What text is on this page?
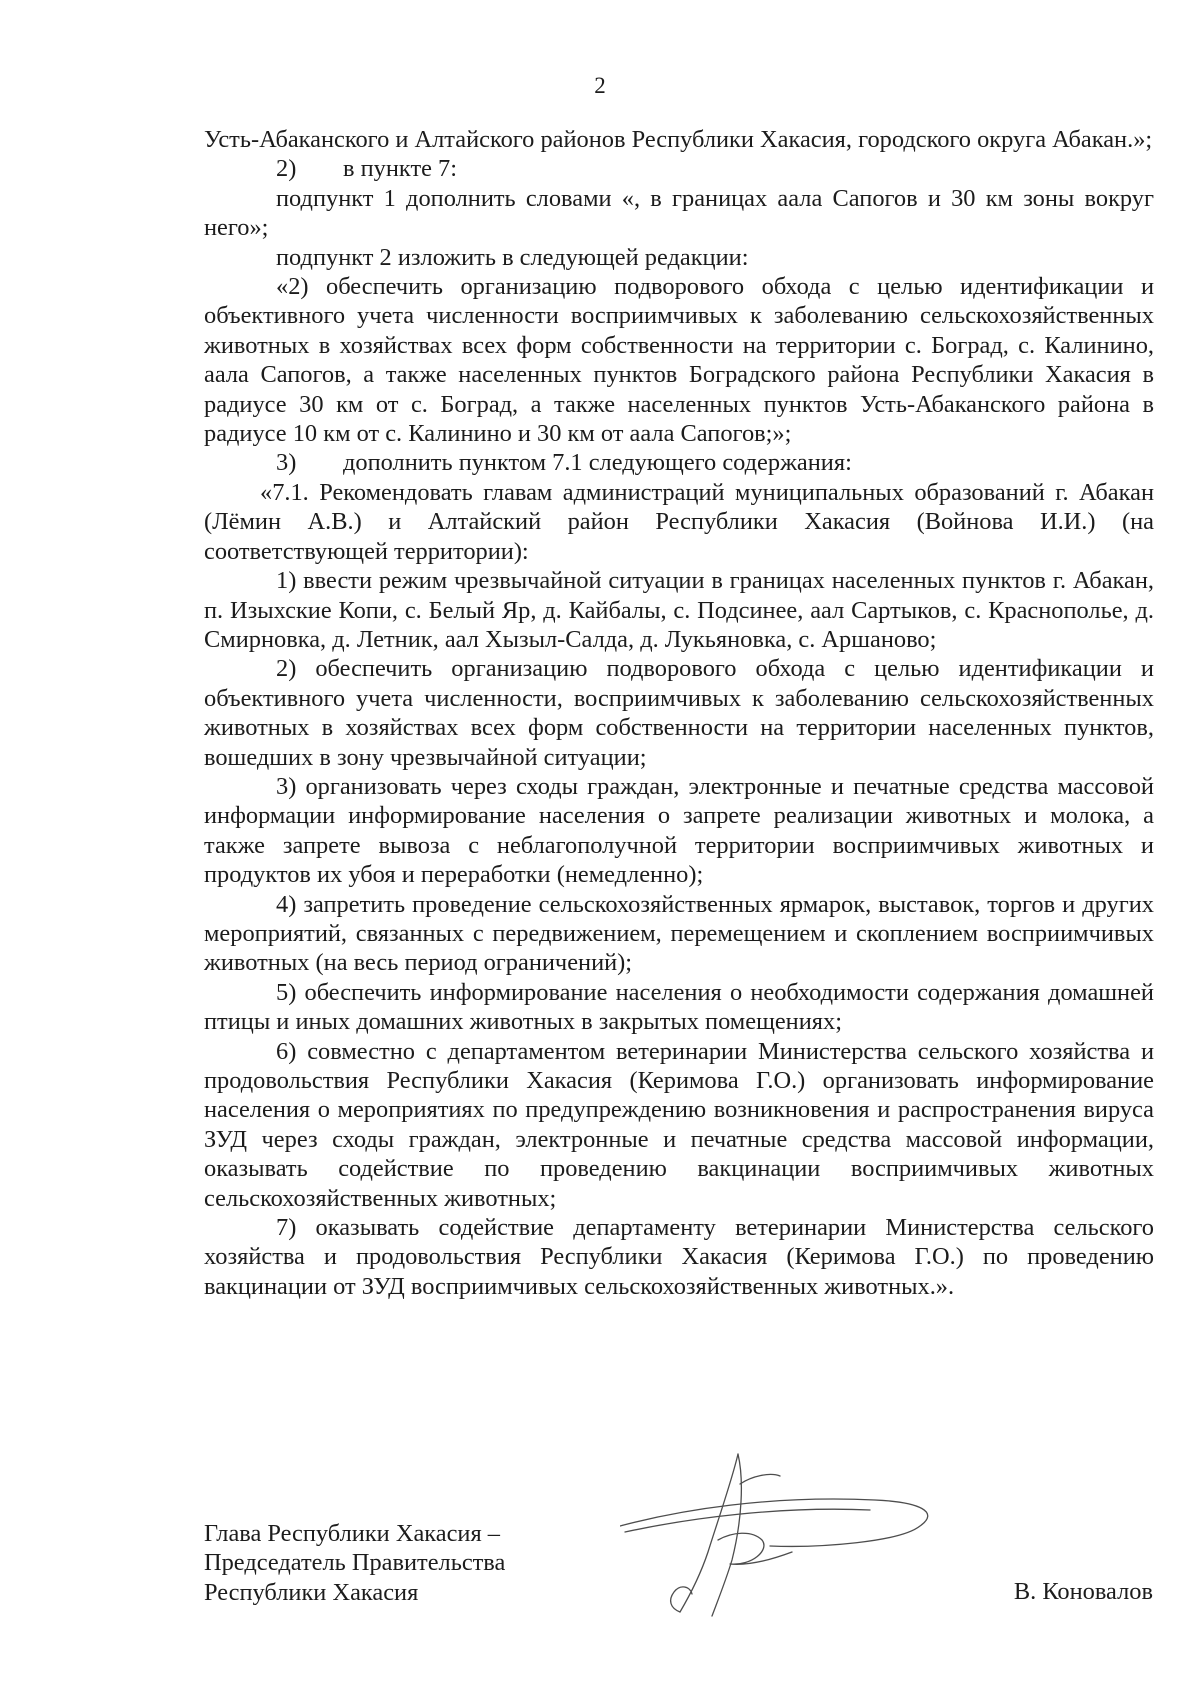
2

Усть-Абаканского и Алтайского районов Республики Хакасия, городского округа Абакан.»;

2) в пункте 7:

подпункт 1 дополнить словами «, в границах аала Сапогов и 30 км зоны вокруг него»;

подпункт 2 изложить в следующей редакции:

«2) обеспечить организацию подворового обхода с целью идентификации и объективного учета численности восприимчивых к заболеванию сельскохозяйственных животных в хозяйствах всех форм собственности на территории с. Боград, с. Калинино, аала Сапогов, а также населенных пунктов Боградского района Республики Хакасия в радиусе 30 км от с. Боград, а также населенных пунктов Усть-Абаканского района в радиусе 10 км от с. Калинино и 30 км от аала Сапогов;»;

3) дополнить пунктом 7.1 следующего содержания:

«7.1. Рекомендовать главам администраций муниципальных образований г. Абакан (Лёмин А.В.) и Алтайский район Республики Хакасия (Войнова И.И.) (на соответствующей территории):

1) ввести режим чрезвычайной ситуации в границах населенных пунктов г. Абакан, п. Изыхские Копи, с. Белый Яр, д. Кайбалы, с. Подсинее, аал Сартыков, с. Краснополье, д. Смирновка, д. Летник, аал Хызыл-Салда, д. Лукьяновка, с. Аршаново;

2) обеспечить организацию подворового обхода с целью идентификации и объективного учета численности, восприимчивых к заболеванию сельскохозяйственных животных в хозяйствах всех форм собственности на территории населенных пунктов, вошедших в зону чрезвычайной ситуации;

3) организовать через сходы граждан, электронные и печатные средства массовой информации информирование населения о запрете реализации животных и молока, а также запрете вывоза с неблагополучной территории восприимчивых животных и продуктов их убоя и переработки (немедленно);

4) запретить проведение сельскохозяйственных ярмарок, выставок, торгов и других мероприятий, связанных с передвижением, перемещением и скоплением восприимчивых животных (на весь период ограничений);

5) обеспечить информирование населения о необходимости содержания домашней птицы и иных домашних животных в закрытых помещениях;

6) совместно с департаментом ветеринарии Министерства сельского хозяйства и продовольствия Республики Хакасия (Керимова Г.О.) организовать информирование населения о мероприятиях по предупреждению возникновения и распространения вируса ЗУД через сходы граждан, электронные и печатные средства массовой информации, оказывать содействие по проведению вакцинации восприимчивых животных сельскохозяйственных животных;

7) оказывать содействие департаменту ветеринарии Министерства сельского хозяйства и продовольствия Республики Хакасия (Керимова Г.О.) по проведению вакцинации от ЗУД восприимчивых сельскохозяйственных животных.».

Глава Республики Хакасия –
Председатель Правительства
Республики Хакасия	В. Коновалов
